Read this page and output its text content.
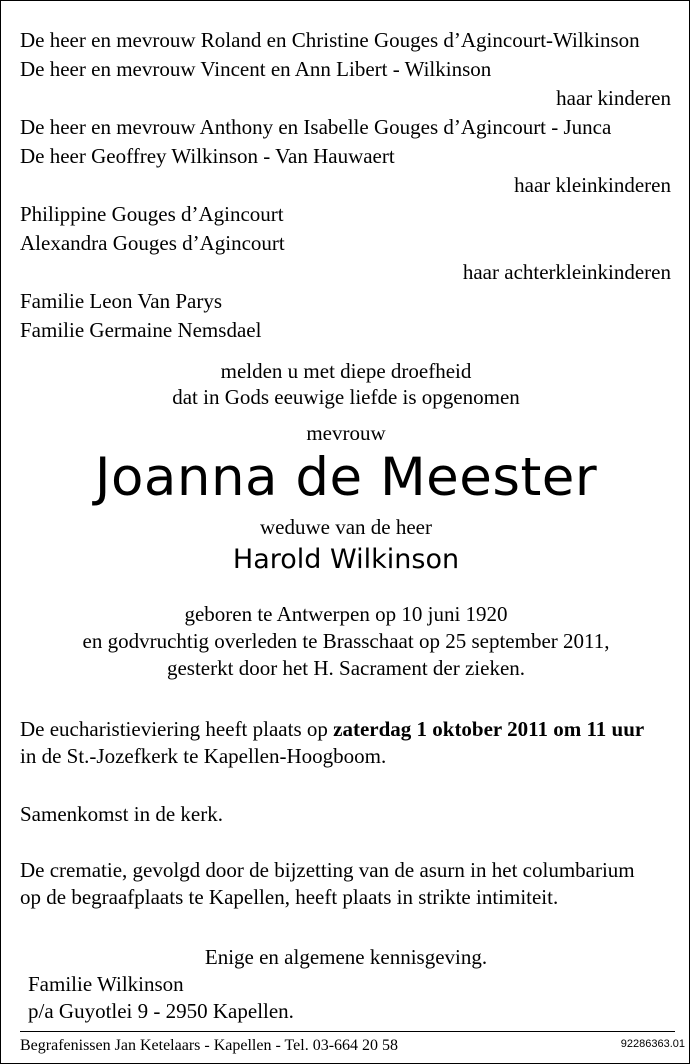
De heer en mevrouw Roland en Christine Gouges d’Agincourt-Wilkinson
De heer en mevrouw Vincent en Ann Libert - Wilkinson
haar kinderen
De heer en mevrouw Anthony en Isabelle Gouges d’Agincourt - Junca
De heer Geoffrey Wilkinson - Van Hauwaert
haar kleinkinderen
Philippine Gouges d’Agincourt
Alexandra Gouges d’Agincourt
haar achterkleinkinderen
Familie Leon Van Parys
Familie Germaine Nemsdael
melden u met diepe droefheid
dat in Gods eeuwige liefde is opgenomen
mevrouw
Joanna de Meester
weduwe van de heer
Harold Wilkinson
geboren te Antwerpen op 10 juni 1920
en godvruchtig overleden te Brasschaat op 25 september 2011,
gesterkt door het H. Sacrament der zieken.
De eucharistieviering heeft plaats op zaterdag 1 oktober 2011 om 11 uur
in de St.-Jozefkerk te Kapellen-Hoogboom.
Samenkomst in de kerk.
De crematie, gevolgd door de bijzetting van de asurn in het columbarium
op de begraafplaats te Kapellen, heeft plaats in strikte intimiteit.
Enige en algemene kennisgeving.
Familie Wilkinson
p/a Guyotlei 9 - 2950 Kapellen.
Begrafenissen Jan Ketelaars - Kapellen - Tel. 03-664 20 58	92286363.01
